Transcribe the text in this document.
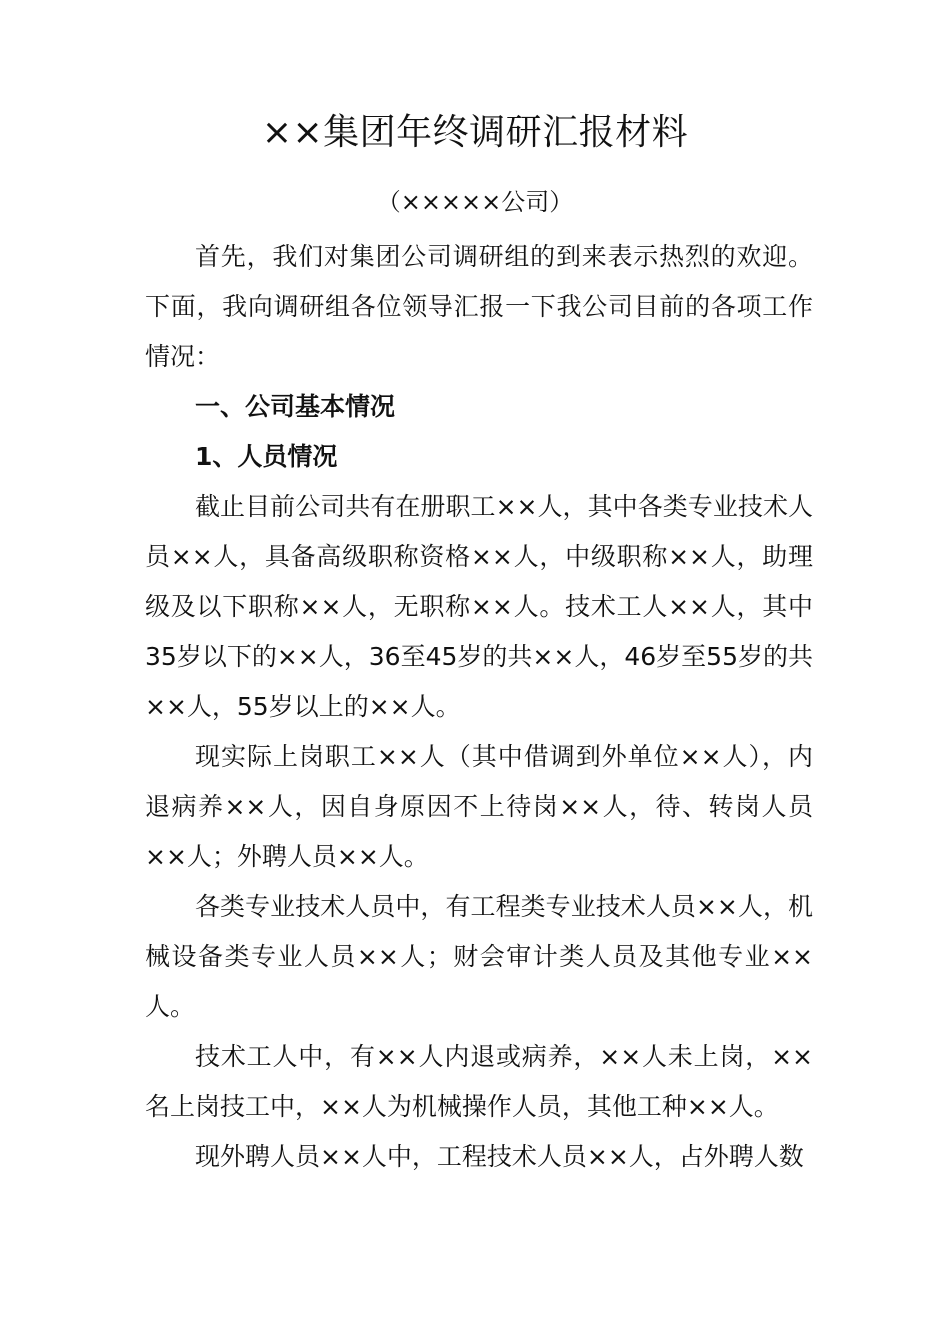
××集团年终调研汇报材料
（×××××公司）

首先，我们对集团公司调研组的到来表示热烈的欢迎。下面，我向调研组各位领导汇报一下我公司目前的各项工作情况：

一、公司基本情况

1、人员情况

截止目前公司共有在册职工××人，其中各类专业技术人员××人，具备高级职称资格××人，中级职称××人，助理级及以下职称××人，无职称××人。技术工人××人，其中35岁以下的××人，36至45岁的共××人，46岁至55岁的共××人，55岁以上的××人。

现实际上岗职工××人（其中借调到外单位××人），内退病养××人，因自身原因不上待岗××人，待、转岗人员××人；外聘人员××人。

各类专业技术人员中，有工程类专业技术人员××人，机械设备类专业人员××人；财会审计类人员及其他专业××人。

技术工人中，有××人内退或病养，××人未上岗，××名上岗技工中，××人为机械操作人员，其他工种××人。

现外聘人员××人中，工程技术人员××人，占外聘人数
